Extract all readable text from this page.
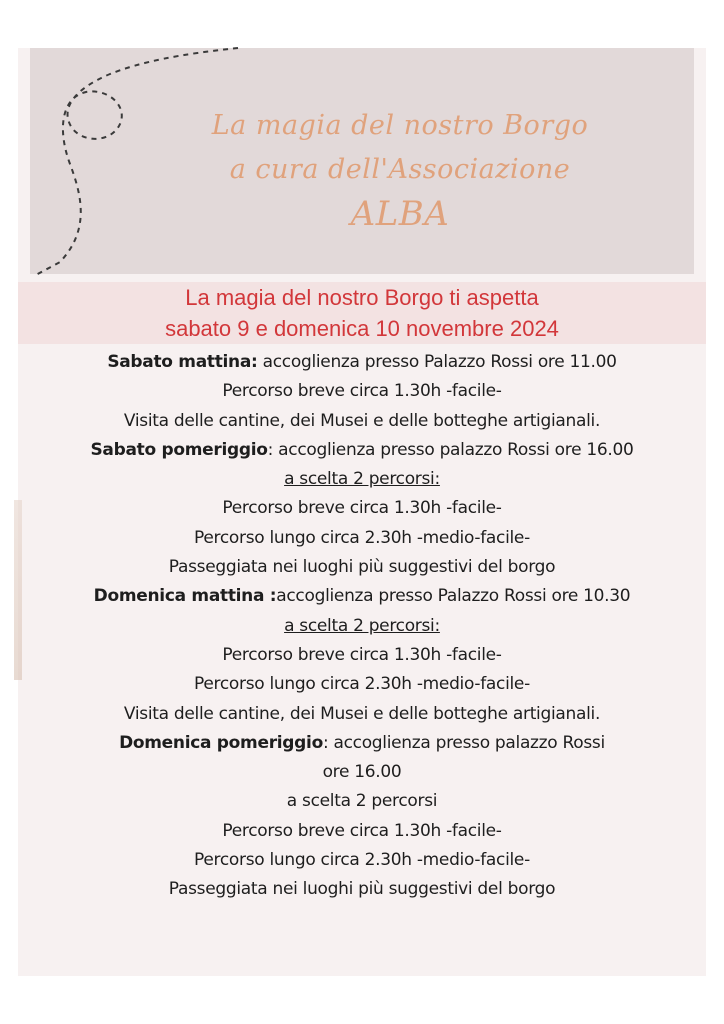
La magia del nostro Borgo
a cura dell'Associazione
ALBA
La magia del nostro Borgo ti aspetta
sabato 9 e domenica 10 novembre 2024
Sabato mattina: accoglienza presso Palazzo Rossi ore 11.00
Percorso breve circa 1.30h -facile-
Visita delle cantine, dei Musei e delle botteghe artigianali.
Sabato pomeriggio: accoglienza presso palazzo Rossi ore 16.00
a scelta 2 percorsi:
Percorso breve circa 1.30h -facile-
Percorso lungo circa 2.30h -medio-facile-
Passeggiata nei luoghi più suggestivi del borgo
Domenica mattina :accoglienza presso Palazzo Rossi ore 10.30
a scelta 2 percorsi:
Percorso breve circa 1.30h -facile-
Percorso lungo circa 2.30h -medio-facile-
Visita delle cantine, dei Musei e delle botteghe artigianali.
Domenica pomeriggio: accoglienza presso palazzo Rossi
ore 16.00
a scelta 2 percorsi
Percorso breve circa 1.30h -facile-
Percorso lungo circa 2.30h -medio-facile-
Passeggiata nei luoghi più suggestivi del borgo
